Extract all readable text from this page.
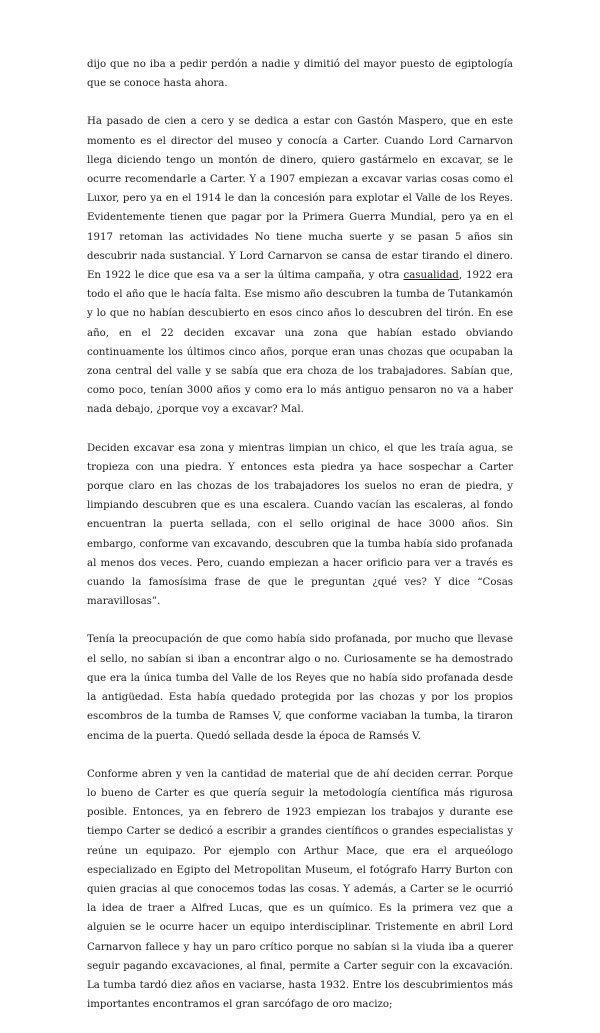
dijo que no iba a pedir perdón a nadie y dimitió del mayor puesto de egiptología que se conoce hasta ahora.

Ha pasado de cien a cero y se dedica a estar con Gastón Maspero, que en este momento es el director del museo y conocía a Carter. Cuando Lord Carnarvon llega diciendo tengo un montón de dinero, quiero gastármelo en excavar, se le ocurre recomendarle a Carter. Y a 1907 empiezan a excavar varias cosas como el Luxor, pero ya en el 1914 le dan la concesión para explotar el Valle de los Reyes. Evidentemente tienen que pagar por la Primera Guerra Mundial, pero ya en el 1917 retoman las actividades No tiene mucha suerte y se pasan 5 años sin descubrir nada sustancial. Y Lord Carnarvon se cansa de estar tirando el dinero. En 1922 le dice que esa va a ser la última campaña, y otra casualidad, 1922 era todo el año que le hacía falta. Ese mismo año descubren la tumba de Tutankamón y lo que no habían descubierto en esos cinco años lo descubren del tirón. En ese año, en el 22 deciden excavar una zona que habían estado obviando continuamente los últimos cinco años, porque eran unas chozas que ocupaban la zona central del valle y se sabía que era choza de los trabajadores. Sabían que, como poco, tenían 3000 años y como era lo más antiguo pensaron no va a haber nada debajo, ¿porque voy a excavar? Mal.

Deciden excavar esa zona y mientras limpian un chico, el que les traía agua, se tropieza con una piedra. Y entonces esta piedra ya hace sospechar a Carter porque claro en las chozas de los trabajadores los suelos no eran de piedra, y limpiando descubren que es una escalera. Cuando vacían las escaleras, al fondo encuentran la puerta sellada, con el sello original de hace 3000 años. Sin embargo, conforme van excavando, descubren que la tumba había sido profanada al menos dos veces. Pero, cuando empiezan a hacer orificio para ver a través es cuando la famosísima frase de que le preguntan ¿qué ves? Y dice “Cosas maravillosas”.

Tenía la preocupación de que como había sido profanada, por mucho que llevase el sello, no sabían si iban a encontrar algo o no. Curiosamente se ha demostrado que era la única tumba del Valle de los Reyes que no había sido profanada desde la antigüedad. Esta había quedado protegida por las chozas y por los propios escombros de la tumba de Ramses V, que conforme vaciaban la tumba, la tiraron encima de la puerta. Quedó sellada desde la época de Ramsés V.

Conforme abren y ven la cantidad de material que de ahí deciden cerrar. Porque lo bueno de Carter es que quería seguir la metodología científica más rigurosa posible. Entonces, ya en febrero de 1923 empiezan los trabajos y durante ese tiempo Carter se dedicó a escribir a grandes científicos o grandes especialistas y reúne un equipazo. Por ejemplo con Arthur Mace, que era el arqueólogo especializado en Egipto del Metropolitan Museum, el fotógrafo Harry Burton con quien gracias al que conocemos todas las cosas. Y además, a Carter se le ocurrió la idea de traer a Alfred Lucas, que es un químico. Es la primera vez que a alguien se le ocurre hacer un equipo interdisciplinar. Tristemente en abril Lord Carnarvon fallece y hay un paro crítico porque no sabían si la viuda iba a querer seguir pagando excavaciones, al final, permite a Carter seguir con la excavación. La tumba tardó diez años en vaciarse, hasta 1932. Entre los descubrimientos más importantes encontramos el gran sarcófago de oro macizo;
